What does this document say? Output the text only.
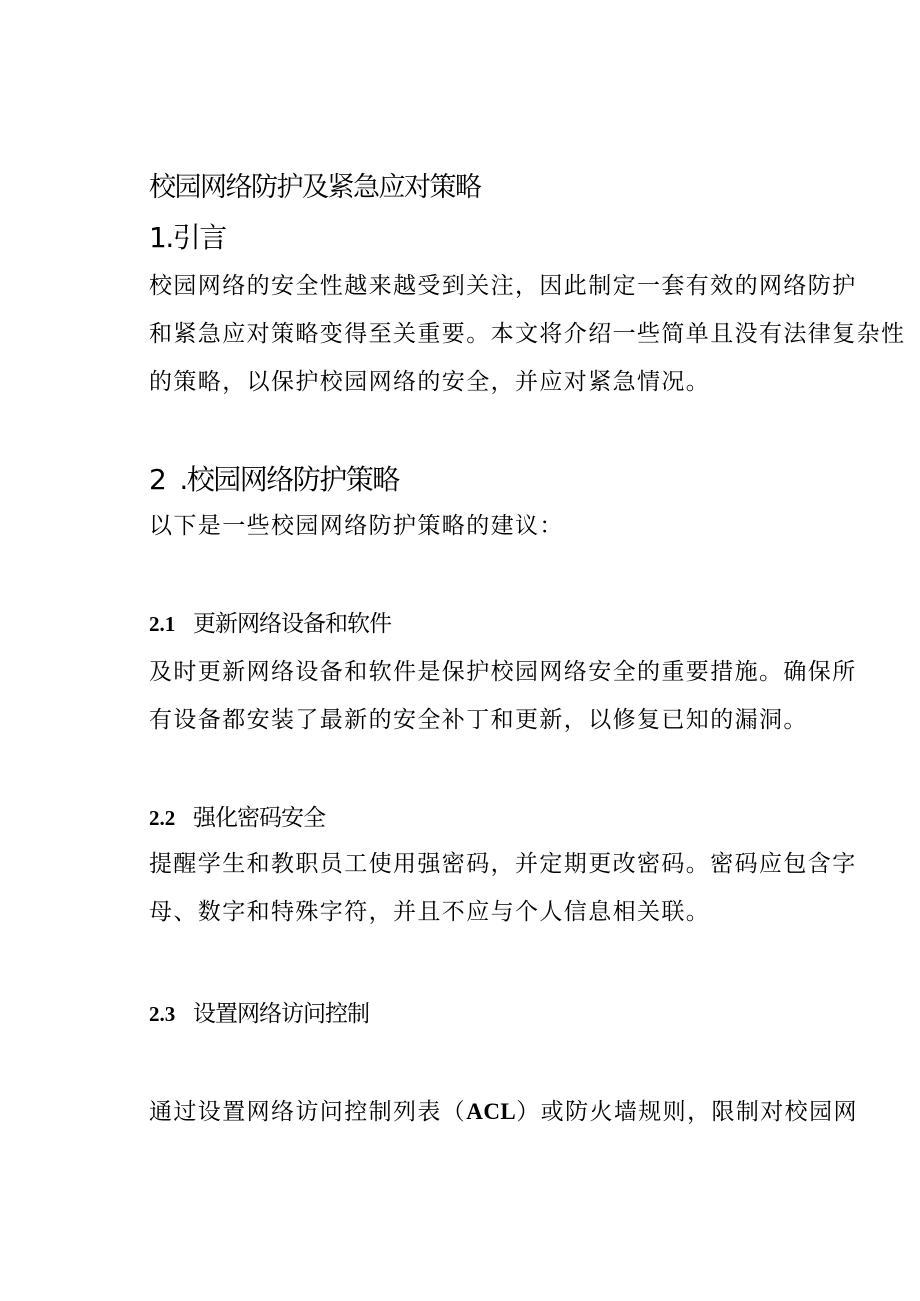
校园网络防护及紧急应对策略
1.引言
校园网络的安全性越来越受到关注，因此制定一套有效的网络防护
和紧急应对策略变得至关重要。本文将介绍一些简单且没有法律复杂性
的策略，以保护校园网络的安全，并应对紧急情况。
2 .校园网络防护策略
以下是一些校园网络防护策略的建议：
2.1 更新网络设备和软件
及时更新网络设备和软件是保护校园网络安全的重要措施。确保所
有设备都安装了最新的安全补丁和更新，以修复已知的漏洞。
2.2 强化密码安全
提醒学生和教职员工使用强密码，并定期更改密码。密码应包含字
母、数字和特殊字符，并且不应与个人信息相关联。
2.3 设置网络访问控制
通过设置网络访问控制列表（ACL）或防火墙规则，限制对校园网
